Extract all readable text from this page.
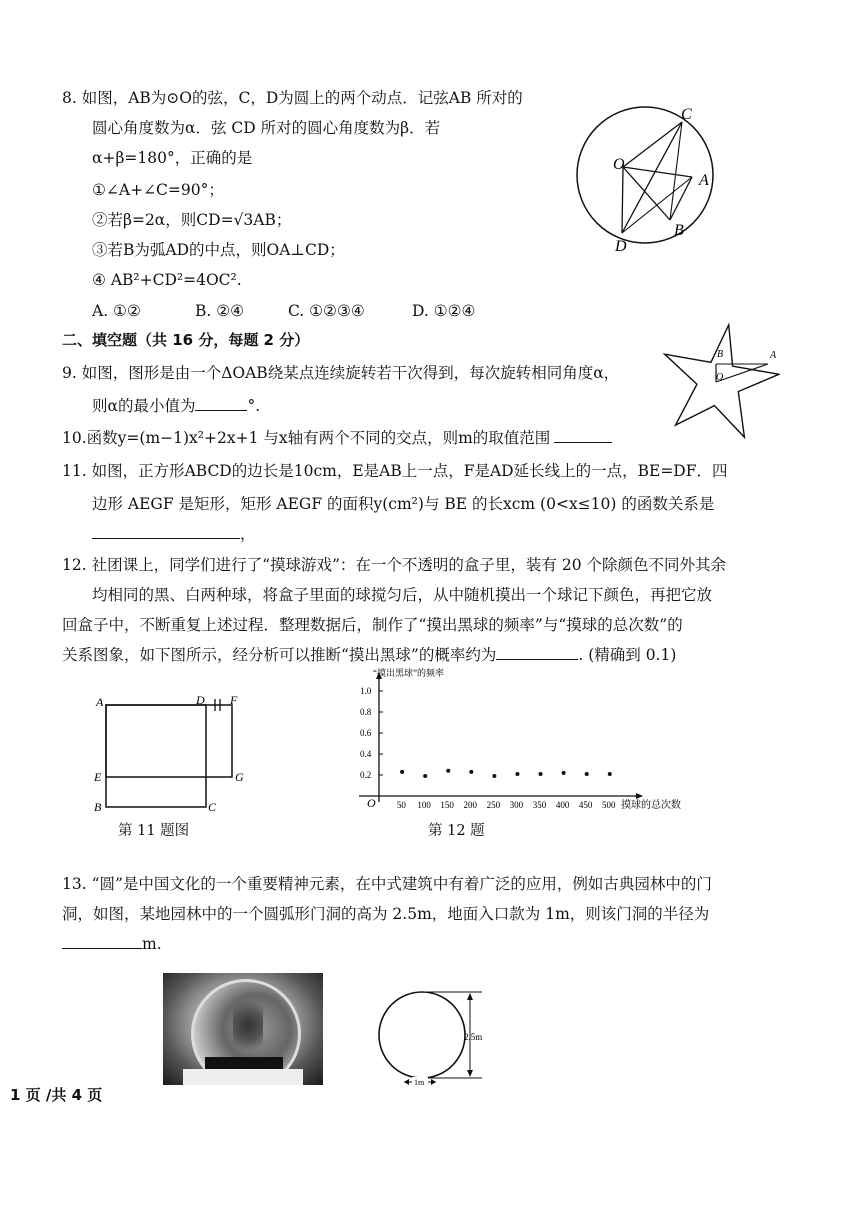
8. 如图，AB为⊙O的弦，C，D为圆上的两个动点．记弦AB 所对的
圆心角度数为α．弦 CD 所对的圆心角度数为β．若
α+β=180°，正确的是
①∠A+∠C=90°；
②若β=2α，则CD=√3AB；
③若B为弧AD的中点，则OA⊥CD；
④ AB²+CD²=4OC².
A. ①②	B. ②④	C. ①②③④	D. ①②④
O
C
A
B
D
二、填空题（共 16 分，每题 2 分）
9. 如图，图形是由一个ΔOAB绕某点连续旋转若干次得到，每次旋转相同角度α，
则α的最小值为	°.
B	A
O
10.函数y=(m−1)x²+2x+1 与x轴有两个不同的交点，则m的取值范围
11. 如图，正方形ABCD的边长是10cm，E是AB上一点，F是AD延长线上的一点，BE=DF．四
边形 AEGF 是矩形，矩形 AEGF 的面积y(cm²)与 BE 的长xcm (0<x≤10) 的函数关系是
，
12. 社团课上，同学们进行了“摸球游戏”：在一个不透明的盒子里，装有 20 个除颜色不同外其余
均相同的黑、白两种球，将盒子里面的球搅匀后，从中随机摸出一个球记下颜色，再把它放
回盒子中，不断重复上述过程．整理数据后，制作了“摸出黑球的频率”与“摸球的总次数”的
关系图象，如下图所示，经分析可以推断“摸出黑球”的概率约为	. (精确到 0.1)
A	D F
E	G
B	C
第 11 题图
O
“摸出黑球”的频率
摸球的总次数
0.2
0.4
0.6
0.8
1.0
50 100 150 200 250 300 350 400 450 500
第 12 题
13. “圆”是中国文化的一个重要精神元素，在中式建筑中有着广泛的应用，例如古典园林中的门
洞，如图，某地园林中的一个圆弧形门洞的高为 2.5m，地面入口款为 1m，则该门洞的半径为
m.
2.5m
1m
1 页 /共 4 页
